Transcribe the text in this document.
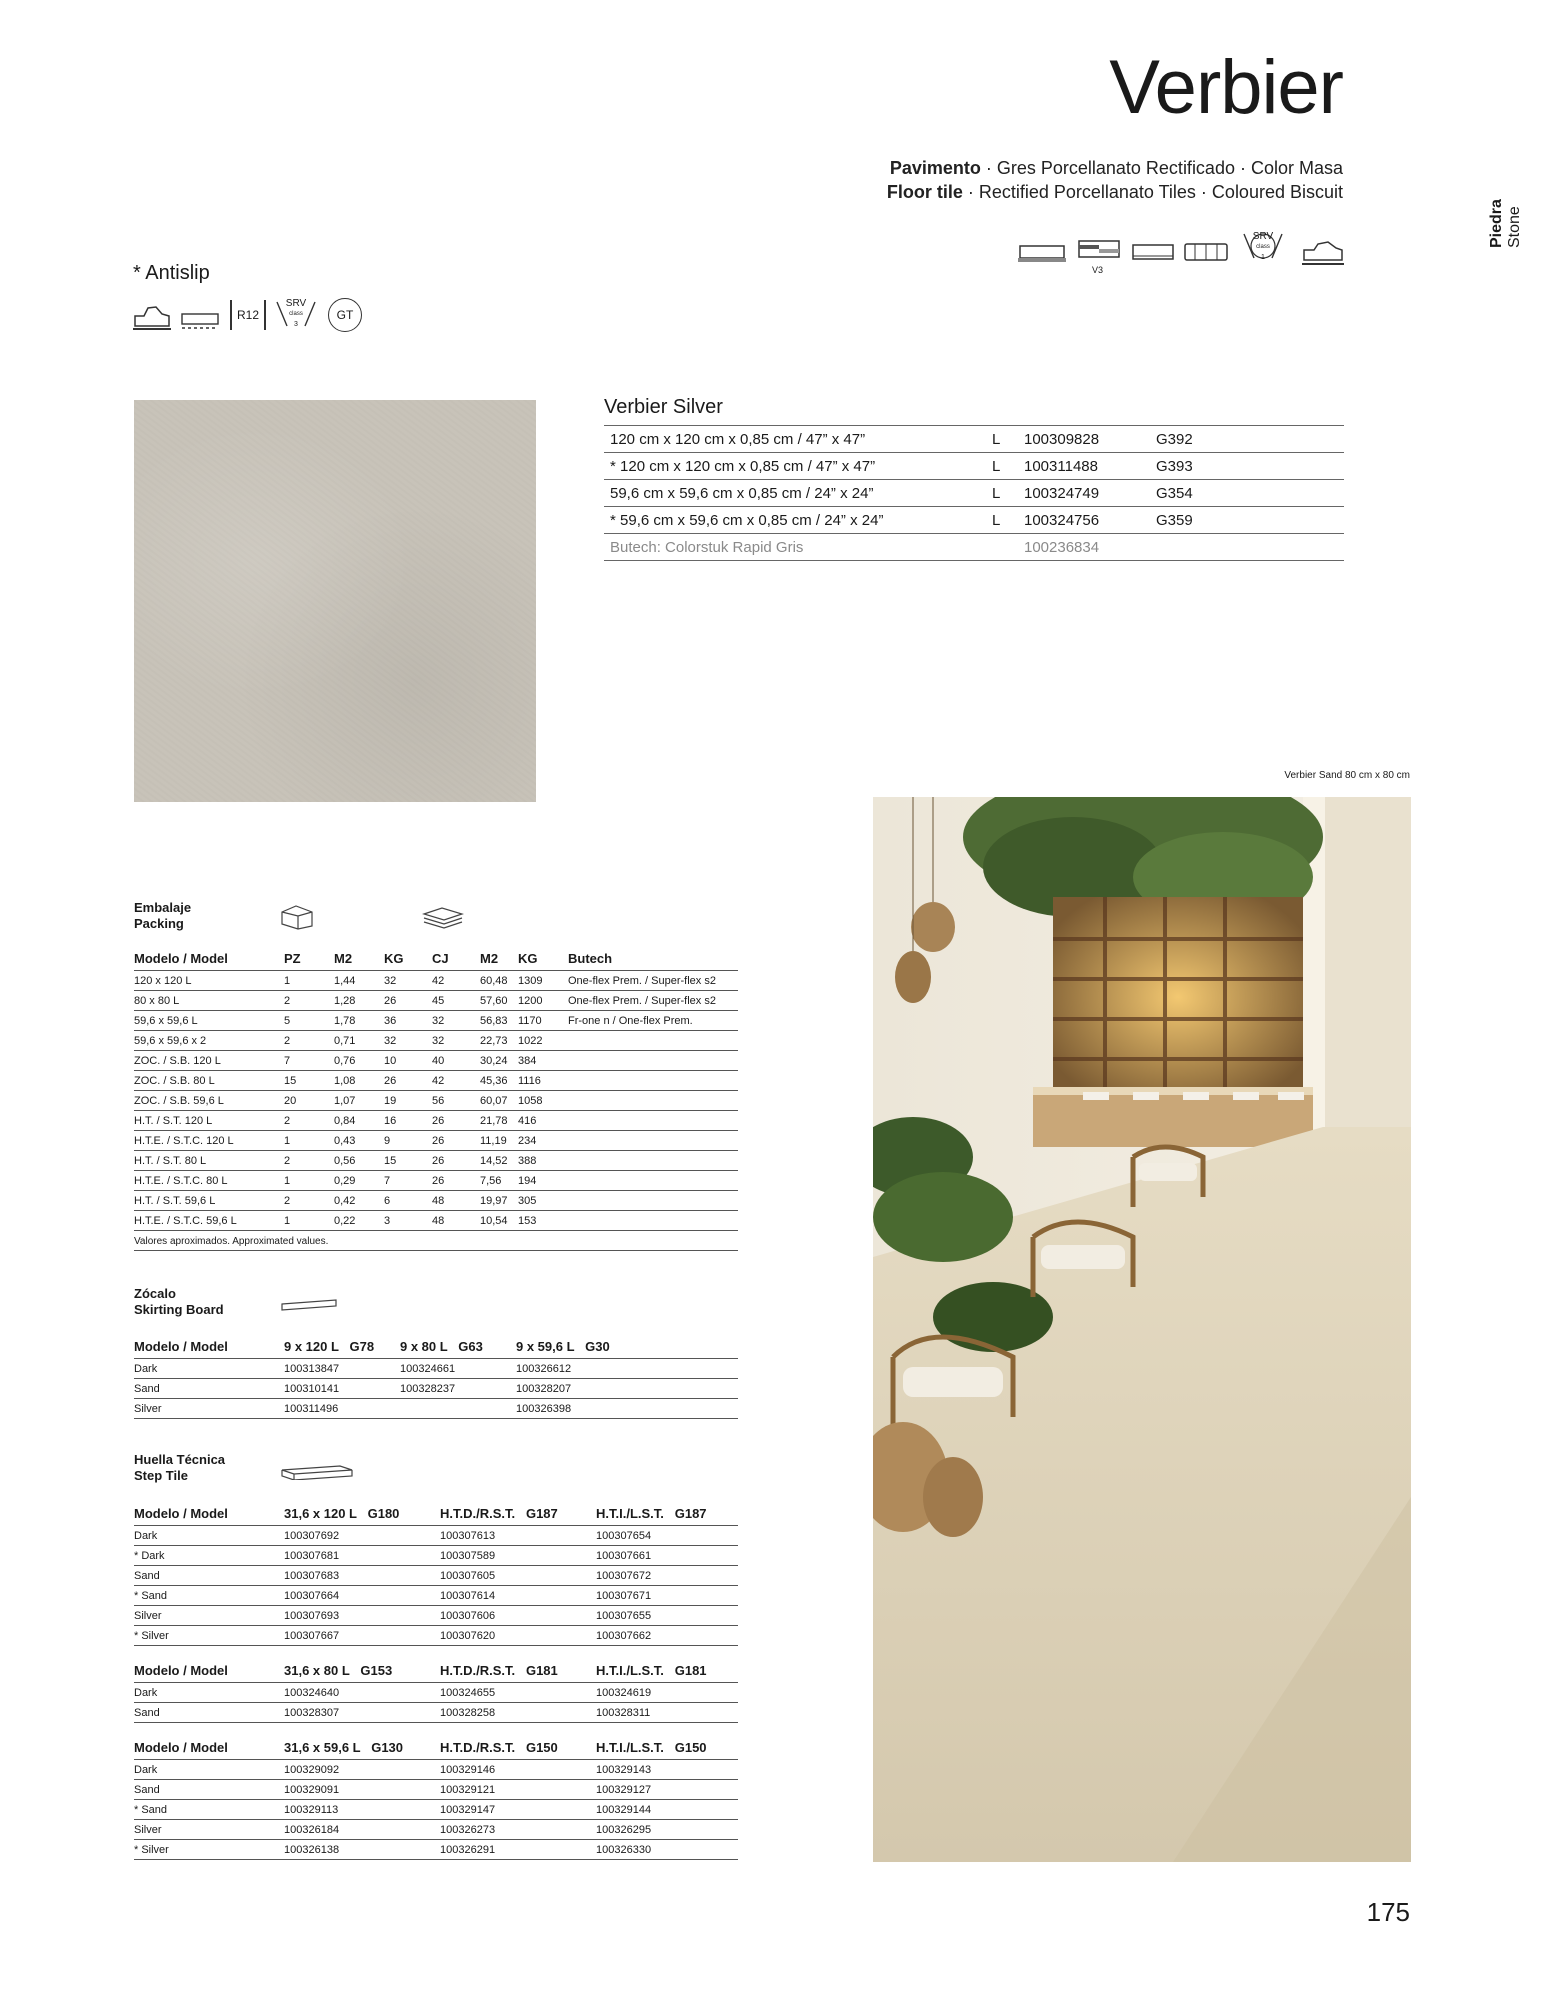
Verbier
Pavimento · Gres Porcellanato Rectificado · Color Masa
Floor tile · Rectified Porcellanato Tiles · Coloured Biscuit
Piedra Stone
V3
SRV
class
1
* Antislip
R12
SRV
class
3
GT
Verbier Silver
120 cm x 120 cm x 0,85 cm / 47” x 47”	L	100309828	G392
* 120 cm x 120 cm x 0,85 cm / 47” x 47”	L	100311488	G393
59,6 cm x 59,6 cm x 0,85 cm / 24” x 24”	L	100324749	G354
* 59,6 cm x 59,6 cm x 0,85 cm / 24” x 24”	L	100324756	G359
Butech: Colorstuk Rapid Gris		100236834	
Verbier Sand 80 cm x 80 cm
Embalaje
Packing
Modelo / Model	PZ	M2	KG	CJ	M2	KG	Butech
120 x 120 L	1	1,44	32	42	60,48	1309	One-flex Prem. / Super-flex s2
80 x 80 L	2	1,28	26	45	57,60	1200	One-flex Prem. / Super-flex s2
59,6 x 59,6 L	5	1,78	36	32	56,83	1170	Fr-one n / One-flex Prem.
59,6 x 59,6 x 2	2	0,71	32	32	22,73	1022	
ZOC. / S.B. 120 L	7	0,76	10	40	30,24	384	
ZOC. / S.B. 80 L	15	1,08	26	42	45,36	1116	
ZOC. / S.B. 59,6 L	20	1,07	19	56	60,07	1058	
H.T. / S.T. 120 L	2	0,84	16	26	21,78	416	
H.T.E. / S.T.C. 120 L	1	0,43	9	26	11,19	234	
H.T. / S.T. 80 L	2	0,56	15	26	14,52	388	
H.T.E. / S.T.C. 80 L	1	0,29	7	26	7,56	194	
H.T. / S.T. 59,6 L	2	0,42	6	48	19,97	305	
H.T.E. / S.T.C. 59,6 L	1	0,22	3	48	10,54	153	
Valores aproximados. Approximated values.							
Zócalo
Skirting Board
Modelo / Model	9 x 120 L   G78	9 x 80 L   G63	9 x 59,6 L   G30
Dark	100313847	100324661	100326612
Sand	100310141	100328237	100328207
Silver	100311496		100326398
Huella Técnica
Step Tile
Modelo / Model	31,6 x 120 L   G180	H.T.D./R.S.T.   G187	H.T.I./L.S.T.   G187
Dark	100307692	100307613	100307654
* Dark	100307681	100307589	100307661
Sand	100307683	100307605	100307672
* Sand	100307664	100307614	100307671
Silver	100307693	100307606	100307655
* Silver	100307667	100307620	100307662
Modelo / Model	31,6 x 80 L   G153	H.T.D./R.S.T.   G181	H.T.I./L.S.T.   G181
Dark	100324640	100324655	100324619
Sand	100328307	100328258	100328311
Modelo / Model	31,6 x 59,6 L   G130	H.T.D./R.S.T.   G150	H.T.I./L.S.T.   G150
Dark	100329092	100329146	100329143
Sand	100329091	100329121	100329127
* Sand	100329113	100329147	100329144
Silver	100326184	100326273	100326295
* Silver	100326138	100326291	100326330
175
